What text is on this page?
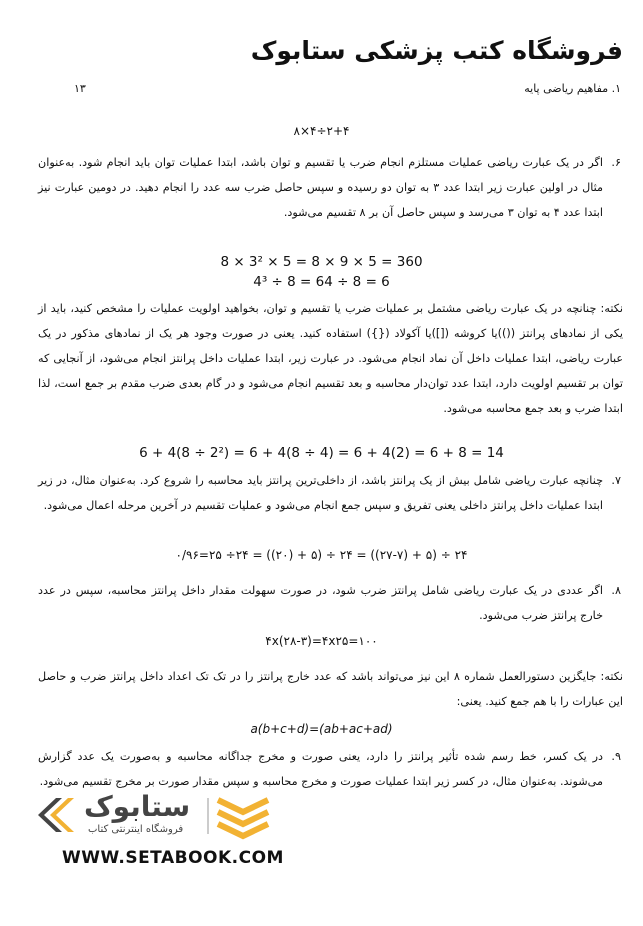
فروشگاه کتب پزشکی ستابوک
۱. مفاهیم ریاضی پایه
۱۳
۲+۴÷۴×۸
۶.
اگر در یک عبارت ریاضی عملیات مستلزم انجام ضرب یا تقسیم و توان باشد، ابتدا عملیات توان باید انجام شود. به‌عنوان مثال در اولین عبارت زیر ابتدا عدد ۳ به توان دو رسیده و سپس حاصل ضرب سه عدد را انجام دهید. در دومین عبارت نیز ابتدا عدد ۴ به توان ۳ می‌رسد و سپس حاصل آن بر ۸ تقسیم می‌شود.
8 × 3² × 5 = 8 × 9 × 5 = 360
4³ ÷ 8 = 64 ÷ 8 = 6
نکته: چنانچه در یک عبارت ریاضی مشتمل بر عملیات ضرب یا تقسیم و توان، بخواهید اولویت عملیات را مشخص کنید، باید از یکی از نمادهای پرانتز (())یا کروشه ([])یا آکولاد ({}) استفاده کنید. یعنی در صورت وجود هر یک از نمادهای مذکور در یک عبارت ریاضی، ابتدا عملیات داخل آن نماد انجام می‌شود. در عبارت زیر، ابتدا عملیات داخل پرانتز انجام می‌شود، از آنجایی که توان بر تقسیم اولویت دارد، ابتدا عدد توان‌دار محاسبه و بعد تقسیم انجام می‌شود و در گام بعدی ضرب مقدم بر جمع است، لذا ابتدا ضرب و بعد جمع محاسبه می‌شود.
6 + 4(8 ÷ 2²) = 6 + 4(8 ÷ 4) = 6 + 4(2) = 6 + 8 = 14
۷.
چنانچه عبارت ریاضی شامل بیش از یک پرانتز باشد، از داخلی‌ترین پرانتز باید محاسبه را شروع کرد. به‌عنوان مثال، در زیر ابتدا عملیات داخل پرانتز داخلی یعنی تفریق و سپس جمع انجام می‌شود و عملیات تقسیم در آخرین مرحله اعمال می‌شود.
۲۴ ÷ (۵ + (۲۷-۷)) = ۲۴ ÷ (۵ + (۲۰)) = ۲۴÷ ۲۵=۰/۹۶
۸.
اگر عددی در یک عبارت ریاضی شامل پرانتز ضرب شود، در صورت سهولت مقدار داخل پرانتز محاسبه، سپس در عدد خارج پرانتز ضرب می‌شود.
۴x(۲۸-۳)=۴x۲۵=۱۰۰
نکته: جایگزین دستورالعمل شماره ۸ این نیز می‌تواند باشد که عدد خارج پرانتز را در تک تک اعداد داخل پرانتز ضرب و حاصل این عبارات را با هم جمع کنید. یعنی:
a(b+c+d)=(ab+ac+ad)
۹.
در یک کسر، خط رسم شده تأثیر پرانتز را دارد، یعنی صورت و مخرج جداگانه محاسبه و به‌صورت یک عدد گزارش می‌شوند. به‌عنوان مثال، در کسر زیر ابتدا عملیات صورت و مخرج محاسبه و سپس مقدار صورت بر مخرج تقسیم می‌شود.
ستابوک
فروشگاه اینترنتی کتاب
WWW.SETABOOK.COM
